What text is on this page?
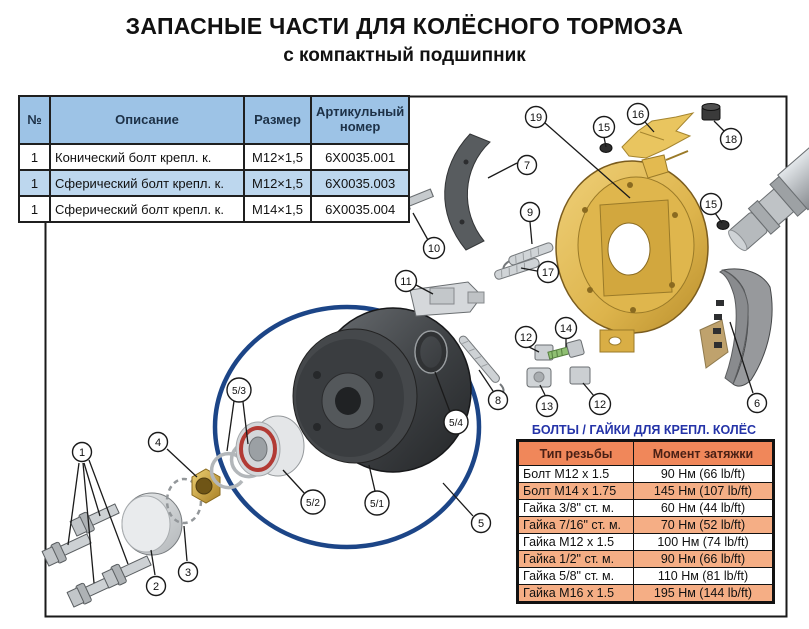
ЗАПАСНЫЕ ЧАСТИ ДЛЯ КОЛЁСНОГО ТОРМОЗА
с компактный подшипник
1
2
3
4
5/3
5/2	5/1
5/4
5
6
7
8
9
10
11
12
12
13
14
15
15
16
17
18
19
№	Описание	Размер	Артикульный номер
1	Конический болт крепл. к.	M12×1,5	6X0035.001
1	Сферический болт крепл. к.	M12×1,5	6X0035.003
1	Сферический болт крепл. к.	M14×1,5	6X0035.004
БОЛТЫ / ГАЙКИ ДЛЯ КРЕПЛ. КОЛЁС
Тип резьбы	Момент затяжки
Болт M12 x 1.5	90 Нм (66 lb/ft)
Болт M14 x 1.75	145 Нм (107 lb/ft)
Гайка 3/8" ст. м.	60 Нм (44 lb/ft)
Гайка 7/16" ст. м.	70 Нм (52 lb/ft)
Гайка M12 x 1.5	100 Нм (74 lb/ft)
Гайка 1/2" ст. м.	90 Нм (66 lb/ft)
Гайка 5/8" ст. м.	110 Нм (81 lb/ft)
Гайка M16 x 1.5	195 Нм (144 lb/ft)
